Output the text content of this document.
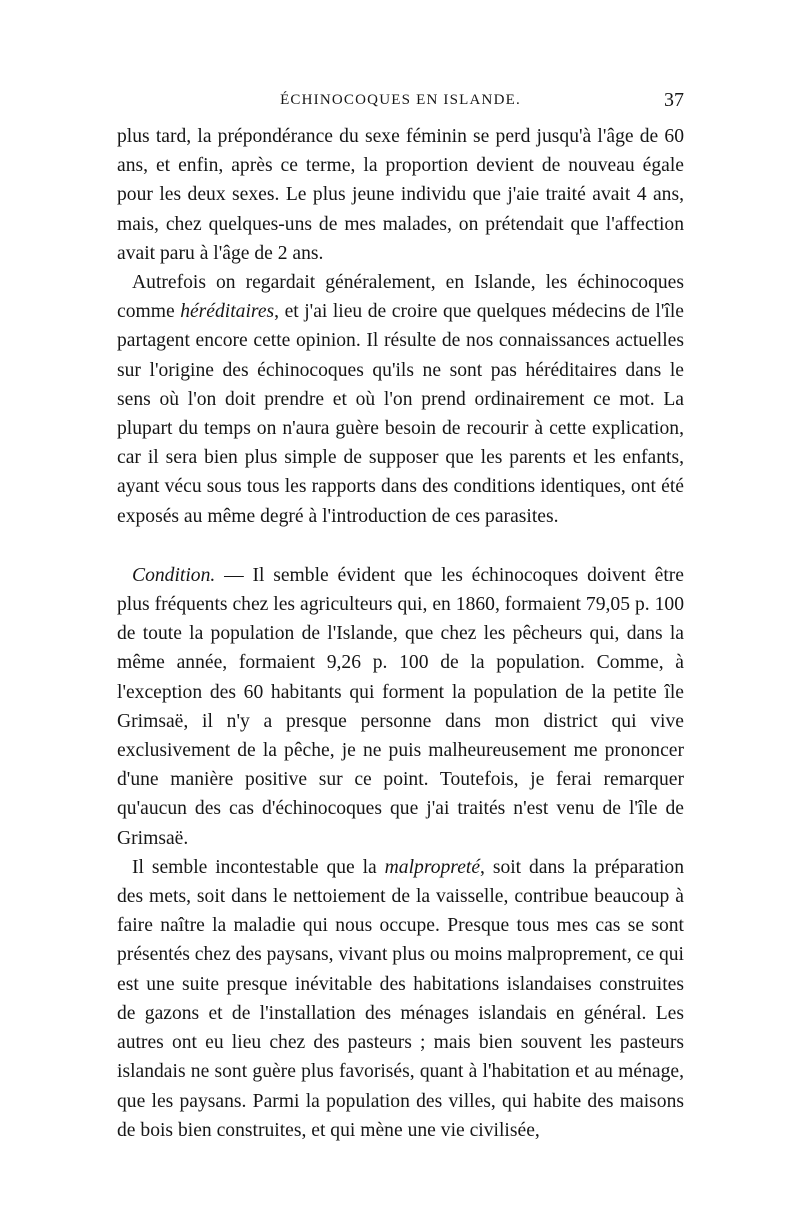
ÉCHINOCOQUES EN ISLANDE.	37

plus tard, la prépondérance du sexe féminin se perd jusqu'à l'âge de 60 ans, et enfin, après ce terme, la proportion devient de nouveau égale pour les deux sexes. Le plus jeune individu que j'aie traité avait 4 ans, mais, chez quelques-uns de mes malades, on prétendait que l'affection avait paru à l'âge de 2 ans.

Autrefois on regardait généralement, en Islande, les échinocoques comme héréditaires, et j'ai lieu de croire que quelques médecins de l'île partagent encore cette opinion. Il résulte de nos connaissances actuelles sur l'origine des échinocoques qu'ils ne sont pas héréditaires dans le sens où l'on doit prendre et où l'on prend ordinairement ce mot. La plupart du temps on n'aura guère besoin de recourir à cette explication, car il sera bien plus simple de supposer que les parents et les enfants, ayant vécu sous tous les rapports dans des conditions identiques, ont été exposés au même degré à l'introduction de ces parasites.

Condition. — Il semble évident que les échinocoques doivent être plus fréquents chez les agriculteurs qui, en 1860, formaient 79,05 p. 100 de toute la population de l'Islande, que chez les pêcheurs qui, dans la même année, formaient 9,26 p. 100 de la population. Comme, à l'exception des 60 habitants qui forment la population de la petite île Grimsaë, il n'y a presque personne dans mon district qui vive exclusivement de la pêche, je ne puis malheureusement me prononcer d'une manière positive sur ce point. Toutefois, je ferai remarquer qu'aucun des cas d'échinocoques que j'ai traités n'est venu de l'île de Grimsaë.

Il semble incontestable que la malpropreté, soit dans la préparation des mets, soit dans le nettoiement de la vaisselle, contribue beaucoup à faire naître la maladie qui nous occupe. Presque tous mes cas se sont présentés chez des paysans, vivant plus ou moins malproprement, ce qui est une suite presque inévitable des habitations islandaises construites de gazons et de l'installation des ménages islandais en général. Les autres ont eu lieu chez des pasteurs ; mais bien souvent les pasteurs islandais ne sont guère plus favorisés, quant à l'habitation et au ménage, que les paysans. Parmi la population des villes, qui habite des maisons de bois bien construites, et qui mène une vie civilisée,
